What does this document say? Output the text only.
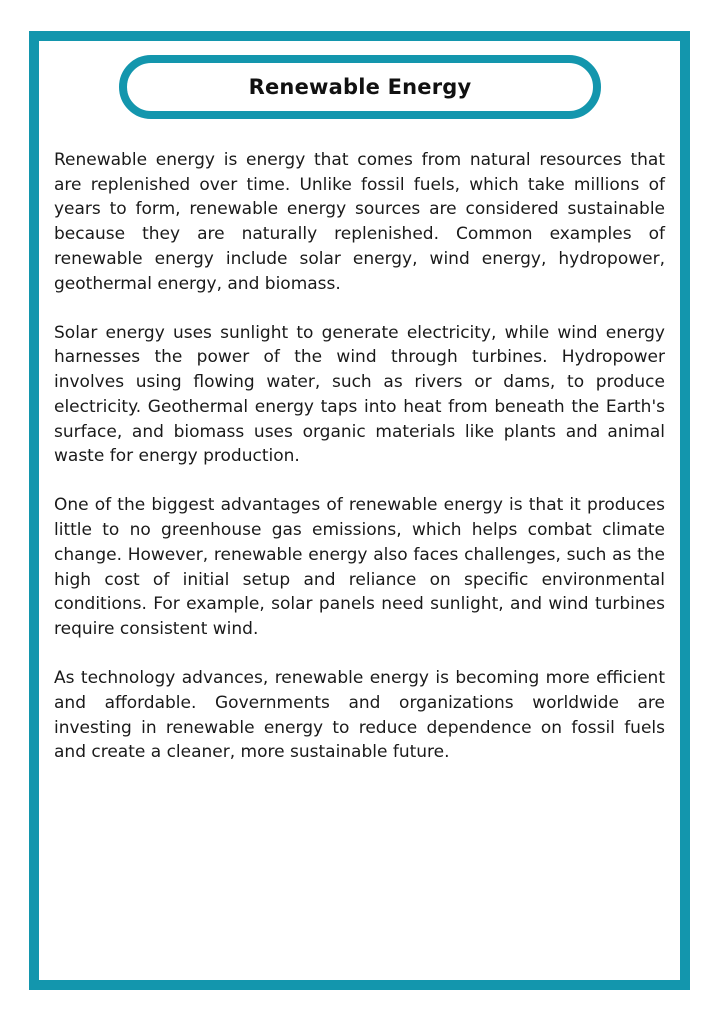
Renewable Energy

Renewable energy is energy that comes from natural resources that are replenished over time. Unlike fossil fuels, which take millions of years to form, renewable energy sources are considered sustainable because they are naturally replenished. Common examples of renewable energy include solar energy, wind energy, hydropower, geothermal energy, and biomass.

Solar energy uses sunlight to generate electricity, while wind energy harnesses the power of the wind through turbines. Hydropower involves using flowing water, such as rivers or dams, to produce electricity. Geothermal energy taps into heat from beneath the Earth's surface, and biomass uses organic materials like plants and animal waste for energy production.

One of the biggest advantages of renewable energy is that it produces little to no greenhouse gas emissions, which helps combat climate change. However, renewable energy also faces challenges, such as the high cost of initial setup and reliance on specific environmental conditions. For example, solar panels need sunlight, and wind turbines require consistent wind.

As technology advances, renewable energy is becoming more efficient and affordable. Governments and organizations worldwide are investing in renewable energy to reduce dependence on fossil fuels and create a cleaner, more sustainable future.
